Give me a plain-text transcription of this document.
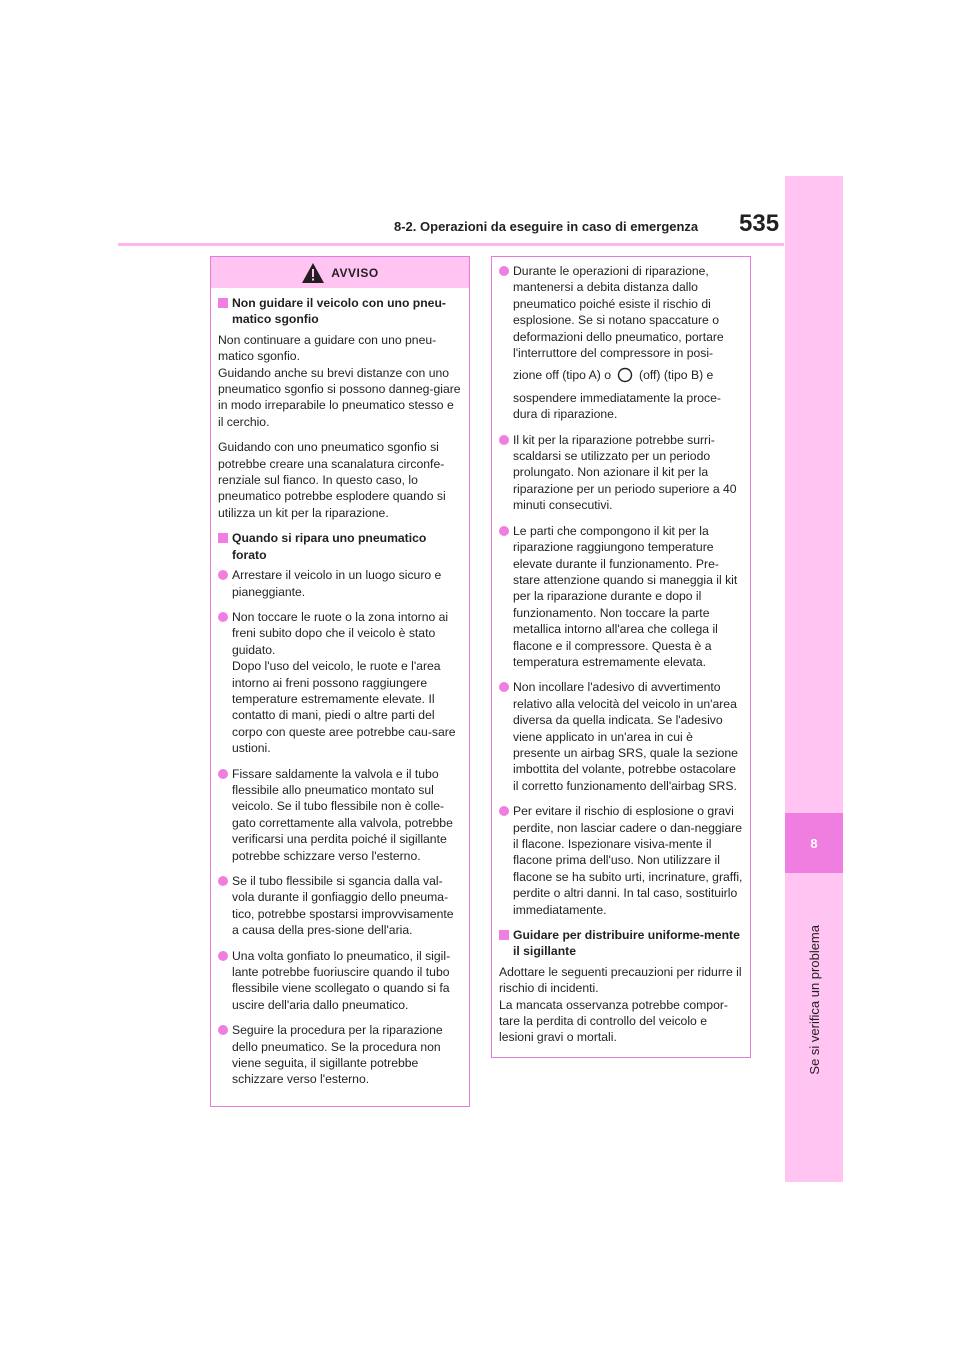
8
Se si verifica un problema
8-2. Operazioni da eseguire in caso di emergenza 535
AVVISO
Non guidare il veicolo con uno pneu-matico sgonfio
Non continuare a guidare con uno pneu-matico sgonfio.
Guidando anche su brevi distanze con uno pneumatico sgonfio si possono danneg-giare in modo irreparabile lo pneumatico stesso e il cerchio.
Guidando con uno pneumatico sgonfio si potrebbe creare una scanalatura circonfe-renziale sul fianco. In questo caso, lo pneumatico potrebbe esplodere quando si utilizza un kit per la riparazione.
Quando si ripara uno pneumatico forato
Arrestare il veicolo in un luogo sicuro e pianeggiante.
Non toccare le ruote o la zona intorno ai freni subito dopo che il veicolo è stato guidato.
Dopo l'uso del veicolo, le ruote e l'area intorno ai freni possono raggiungere temperature estremamente elevate. Il contatto di mani, piedi o altre parti del corpo con queste aree potrebbe cau-sare ustioni.
Fissare saldamente la valvola e il tubo flessibile allo pneumatico montato sul veicolo. Se il tubo flessibile non è colle-gato correttamente alla valvola, potrebbe verificarsi una perdita poiché il sigillante potrebbe schizzare verso l'esterno.
Se il tubo flessibile si sgancia dalla val-vola durante il gonfiaggio dello pneuma-tico, potrebbe spostarsi improvvisamente a causa della pres-sione dell'aria.
Una volta gonfiato lo pneumatico, il sigil-lante potrebbe fuoriuscire quando il tubo flessibile viene scollegato o quando si fa uscire dell'aria dallo pneumatico.
Seguire la procedura per la riparazione dello pneumatico. Se la procedura non viene seguita, il sigillante potrebbe schizzare verso l'esterno.
Durante le operazioni di riparazione, mantenersi a debita distanza dallo pneumatico poiché esiste il rischio di esplosione. Se si notano spaccature o deformazioni dello pneumatico, portare l'interruttore del compressore in posi-
zione off (tipo A) o (off) (tipo B) e
sospendere immediatamente la proce-dura di riparazione.
Il kit per la riparazione potrebbe surri-scaldarsi se utilizzato per un periodo prolungato. Non azionare il kit per la riparazione per un periodo superiore a 40 minuti consecutivi.
Le parti che compongono il kit per la riparazione raggiungono temperature elevate durante il funzionamento. Pre-stare attenzione quando si maneggia il kit per la riparazione durante e dopo il funzionamento. Non toccare la parte metallica intorno all'area che collega il flacone e il compressore. Questa è a temperatura estremamente elevata.
Non incollare l'adesivo di avvertimento relativo alla velocità del veicolo in un'area diversa da quella indicata. Se l'adesivo viene applicato in un'area in cui è presente un airbag SRS, quale la sezione imbottita del volante, potrebbe ostacolare il corretto funzionamento dell'airbag SRS.
Per evitare il rischio di esplosione o gravi perdite, non lasciar cadere o dan-neggiare il flacone. Ispezionare visiva-mente il flacone prima dell'uso. Non utilizzare il flacone se ha subito urti, incrinature, graffi, perdite o altri danni. In tal caso, sostituirlo immediatamente.
Guidare per distribuire uniforme-mente il sigillante
Adottare le seguenti precauzioni per ridurre il rischio di incidenti.
La mancata osservanza potrebbe compor-tare la perdita di controllo del veicolo e lesioni gravi o mortali.
